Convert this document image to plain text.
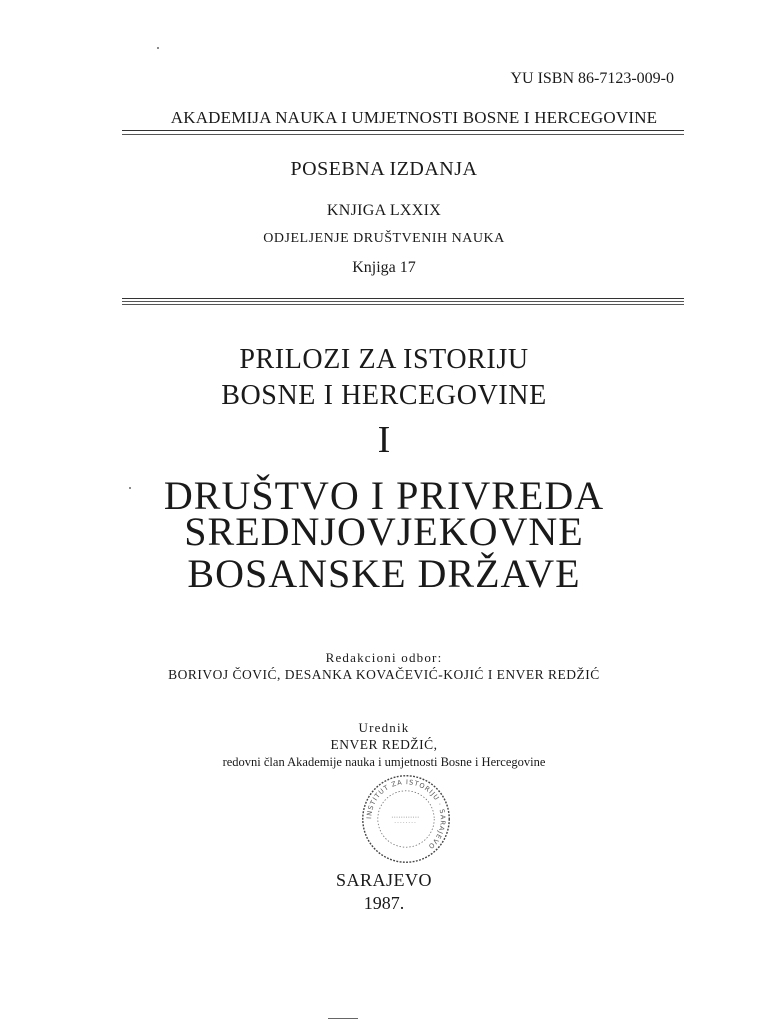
YU ISBN 86-7123-009-0
AKADEMIJA NAUKA I UMJETNOSTI BOSNE I HERCEGOVINE
POSEBNA IZDANJA
KNJIGA LXXIX
ODJELJENJE DRUŠTVENIH NAUKA
Knjiga 17
PRILOZI ZA ISTORIJU
BOSNE I HERCEGOVINE
I
DRUŠTVO I PRIVREDA
SREDNJOVJEKOVNE
BOSANSKE DRŽAVE
Redakcioni odbor:
BORIVOJ ČOVIĆ, DESANKA KOVAČEVIĆ-KOJIĆ I ENVER REDŽIĆ
Urednik
ENVER REDŽIĆ,
redovni član Akademije nauka i umjetnosti Bosne i Hercegovine
INSTITUT ZA ISTORIJU · SARAJEVO
SARAJEVO
1987.
